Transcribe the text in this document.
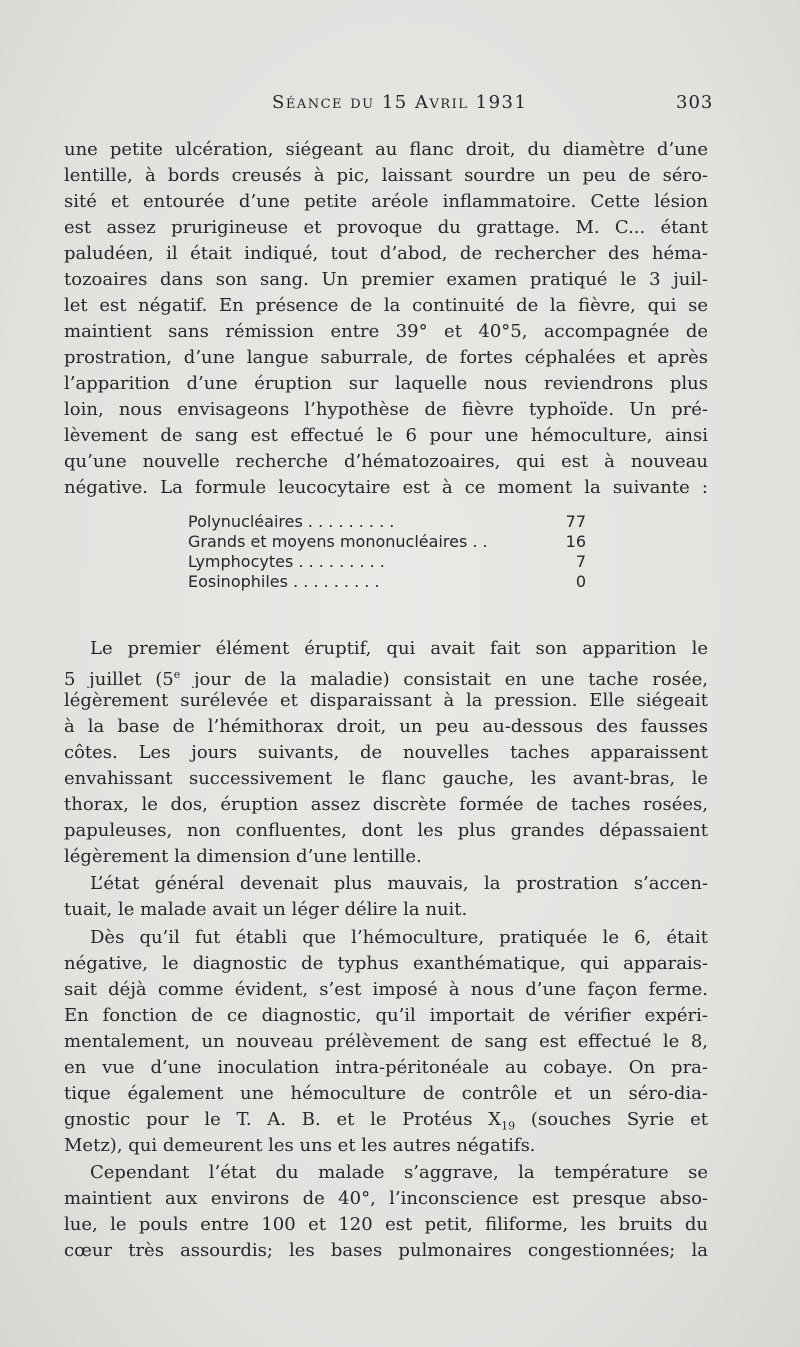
Séance du 15 Avril 1931	303
une petite ulcération, siégeant au flanc droit, du diamètre d’une
lentille, à bords creusés à pic, laissant sourdre un peu de séro-
sité et entourée d’une petite aréole inflammatoire. Cette lésion
est assez prurigineuse et provoque du grattage. M. C... étant
paludéen, il était indiqué, tout d’abod, de rechercher des héma-
tozoaires dans son sang. Un premier examen pratiqué le 3 juil-
let est négatif. En présence de la continuité de la fièvre, qui se
maintient sans rémission entre 39° et 40°5, accompagnée de
prostration, d’une langue saburrale, de fortes céphalées et après
l’apparition d’une éruption sur laquelle nous reviendrons plus
loin, nous envisageons l’hypothèse de fièvre typhoïde. Un pré-
lèvement de sang est effectué le 6 pour une hémoculture, ainsi
qu’une nouvelle recherche d’hématozoaires, qui est à nouveau
négative. La formule leucocytaire est à ce moment la suivante :
Le premier élément éruptif, qui avait fait son apparition le
5 juillet (5e jour de la maladie) consistait en une tache rosée,
légèrement surélevée et disparaissant à la pression. Elle siégeait
à la base de l’hémithorax droit, un peu au-dessous des fausses
côtes. Les jours suivants, de nouvelles taches apparaissent
envahissant successivement le flanc gauche, les avant-bras, le
thorax, le dos, éruption assez discrète formée de taches rosées,
papuleuses, non confluentes, dont les plus grandes dépassaient
légèrement la dimension d’une lentille.
L’état général devenait plus mauvais, la prostration s’accen-
tuait, le malade avait un léger délire la nuit.
Dès qu’il fut établi que l’hémoculture, pratiquée le 6, était
négative, le diagnostic de typhus exanthématique, qui apparais-
sait déjà comme évident, s’est imposé à nous d’une façon ferme.
En fonction de ce diagnostic, qu’il importait de vérifier expéri-
mentalement, un nouveau prélèvement de sang est effectué le 8,
en vue d’une inoculation intra-péritonéale au cobaye. On pra-
tique également une hémoculture de contrôle et un séro-dia-
gnostic pour le T. A. B. et le Protéus $X_{19}$ (souches Syrie et
Metz), qui demeurent les uns et les autres négatifs.
Cependant l’état du malade s’aggrave, la température se
maintient aux environs de 40°, l’inconscience est presque abso-
lue, le pouls entre 100 et 120 est petit, filiforme, les bruits du
cœur très assourdis; les bases pulmonaires congestionnées; la
Polynucléaires . . . . . . . . .	77
Grands et moyens mononucléaires . .	16
Lymphocytes . . . . . . . . .	7
Eosinophiles . . . . . . . . .	0
